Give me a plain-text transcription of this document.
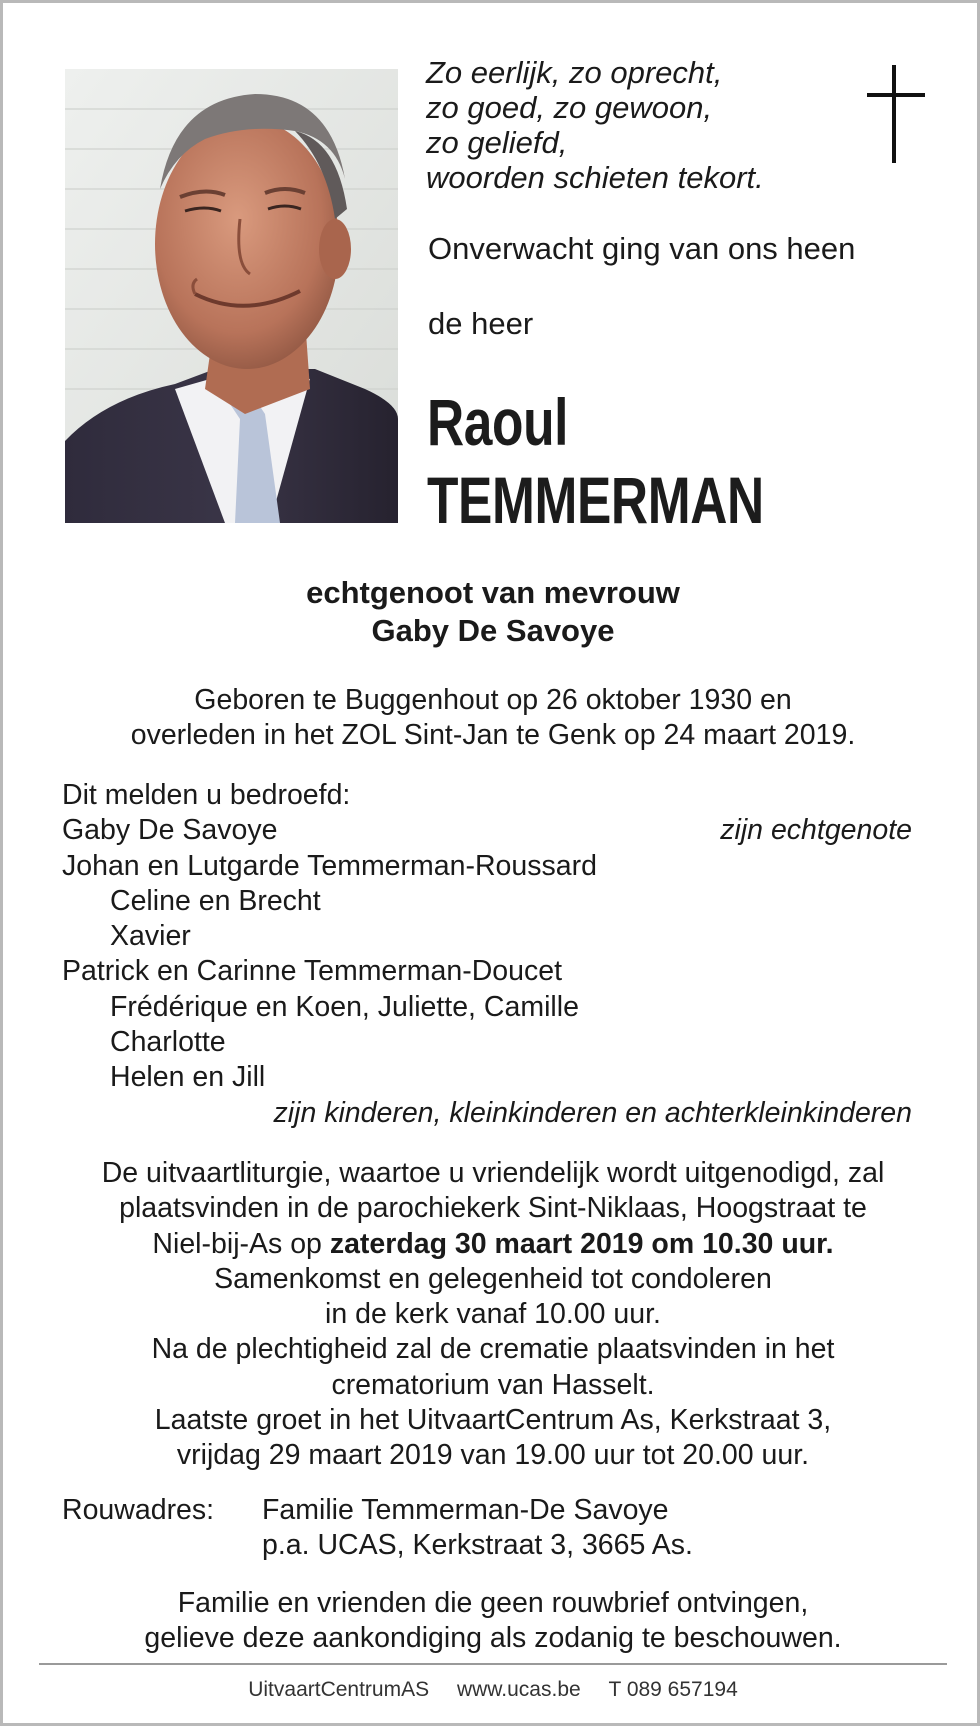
Zo eerlijk, zo oprecht,
zo goed, zo gewoon,
zo geliefd,
woorden schieten tekort.
Onverwacht ging van ons heen
de heer
Raoul
TEMMERMAN
echtgenoot van mevrouw
Gaby De Savoye
Geboren te Buggenhout op 26 oktober 1930 en
overleden in het ZOL Sint-Jan te Genk op 24 maart 2019.
Dit melden u bedroefd:
Gaby De Savoye	zijn echtgenote
Johan en Lutgarde Temmerman-Roussard
Celine en Brecht
Xavier
Patrick en Carinne Temmerman-Doucet
Frédérique en Koen, Juliette, Camille
Charlotte
Helen en Jill
zijn kinderen, kleinkinderen en achterkleinkinderen
De uitvaartliturgie, waartoe u vriendelijk wordt uitgenodigd, zal
plaatsvinden in de parochiekerk Sint-Niklaas, Hoogstraat te
Niel-bij-As op zaterdag 30 maart 2019 om 10.30 uur.
Samenkomst en gelegenheid tot condoleren
in de kerk vanaf 10.00 uur.
Na de plechtigheid zal de crematie plaatsvinden in het
crematorium van Hasselt.
Laatste groet in het UitvaartCentrum As, Kerkstraat 3,
vrijdag 29 maart 2019 van 19.00 uur tot 20.00 uur.
Rouwadres: Familie Temmerman-De Savoye
p.a. UCAS, Kerkstraat 3, 3665 As.
Familie en vrienden die geen rouwbrief ontvingen,
gelieve deze aankondiging als zodanig te beschouwen.
UitvaartCentrumAS www.ucas.be T 089 657194
